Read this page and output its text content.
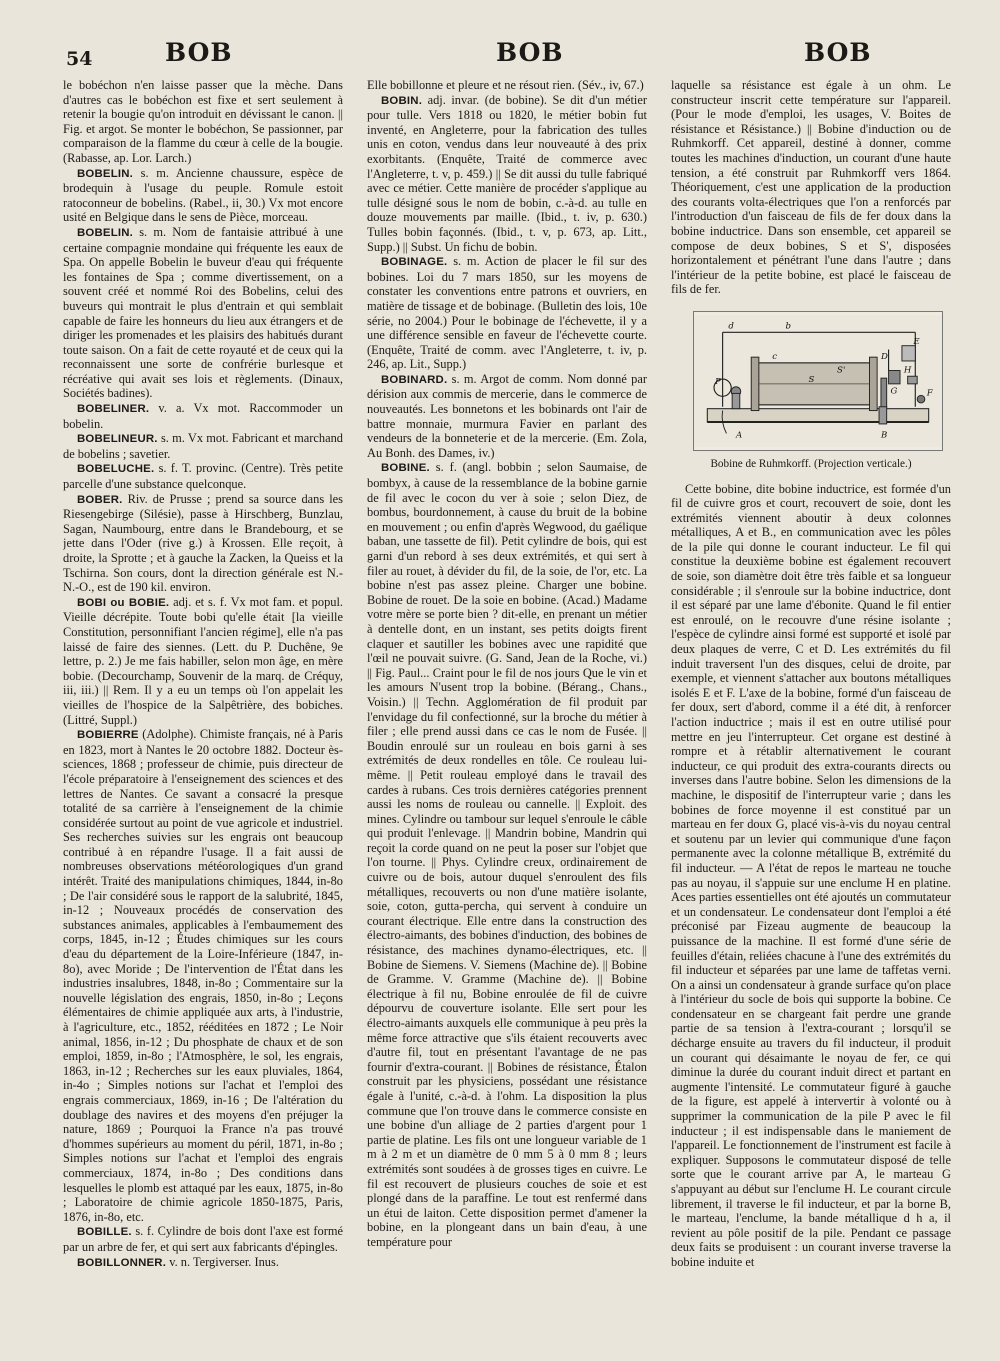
54	BOB	BOB	BOB

le bobéchon n'en laisse passer que la mèche. Dans d'autres cas le bobéchon est fixe et sert seulement à retenir la bougie qu'on introduit en dévissant le canon. || Fig. et argot. Se monter le bobéchon, Se passionner, par comparaison de la flamme du cœur à celle de la bougie. (Rabasse, ap. Lor. Larch.)

BOBELIN. s. m. Ancienne chaussure, espèce de brodequin à l'usage du peuple. Romule estoit ratoconneur de bobelins. (Rabel., ii, 30.) Vx mot encore usité en Belgique dans le sens de Pièce, morceau.

BOBELIN. s. m. Nom de fantaisie attribué à une certaine compagnie mondaine qui fréquente les eaux de Spa. On appelle Bobelin le buveur d'eau qui fréquente les fontaines de Spa ; comme divertissement, on a souvent créé et nommé Roi des Bobelins, celui des buveurs qui montrait le plus d'entrain et qui semblait capable de faire les honneurs du lieu aux étrangers et de diriger les promenades et les plaisirs des habitués durant toute saison. On a fait de cette royauté et de ceux qui la reconnaissent une sorte de confrérie burlesque et récréative qui avait ses lois et règlements. (Dinaux, Sociétés badines).

BOBELINER. v. a. Vx mot. Raccommoder un bobelin.

BOBELINEUR. s. m. Vx mot. Fabricant et marchand de bobelins ; savetier.

BOBELUCHE. s. f. T. provinc. (Centre). Très petite parcelle d'une substance quelconque.

BOBER. Riv. de Prusse ; prend sa source dans les Riesengebirge (Silésie), passe à Hirschberg, Bunzlau, Sagan, Naumbourg, entre dans le Brandebourg, et se jette dans l'Oder (rive g.) à Krossen. Elle reçoit, à droite, la Sprotte ; et à gauche la Zacken, la Queiss et la Tschirna. Son cours, dont la direction générale est N.-N.-O., est de 190 kil. environ.

BOBI ou BOBIE. adj. et s. f. Vx mot fam. et popul. Vieille décrépite. Toute bobi qu'elle était [la vieille Constitution, personnifiant l'ancien régime], elle n'a pas laissé de faire des siennes. (Lett. du P. Duchêne, 9e lettre, p. 2.) Je me fais habiller, selon mon âge, en mère bobie. (Decourchamp, Souvenir de la marq. de Créquy, iii, iii.) || Rem. Il y a eu un temps où l'on appelait les vieilles de l'hospice de la Salpêtrière, des bobiches. (Littré, Suppl.)

BOBIERRE (Adolphe). Chimiste français, né à Paris en 1823, mort à Nantes le 20 octobre 1882. Docteur ès-sciences, 1868 ; professeur de chimie, puis directeur de l'école préparatoire à l'enseignement des sciences et des lettres de Nantes. Ce savant a consacré la presque totalité de sa carrière à l'enseignement de la chimie considérée surtout au point de vue agricole et industriel. Ses recherches suivies sur les engrais ont beaucoup contribué à en répandre l'usage. Il a fait aussi de nombreuses observations météorologiques d'un grand intérêt. Traité des manipulations chimiques, 1844, in-8o ; De l'air considéré sous le rapport de la salubrité, 1845, in-12 ; Nouveaux procédés de conservation des substances animales, applicables à l'embaumement des corps, 1845, in-12 ; Études chimiques sur les cours d'eau du département de la Loire-Inférieure (1847, in-8o), avec Moride ; De l'intervention de l'État dans les industries insalubres, 1848, in-8o ; Commentaire sur la nouvelle législation des engrais, 1850, in-8o ; Leçons élémentaires de chimie appliquée aux arts, à l'industrie, à l'agriculture, etc., 1852, rééditées en 1872 ; Le Noir animal, 1856, in-12 ; Du phosphate de chaux et de son emploi, 1859, in-8o ; l'Atmosphère, le sol, les engrais, 1863, in-12 ; Recherches sur les eaux pluviales, 1864, in-4o ; Simples notions sur l'achat et l'emploi des engrais commerciaux, 1869, in-16 ; De l'altération du doublage des navires et des moyens d'en préjuger la nature, 1869 ; Pourquoi la France n'a pas trouvé d'hommes supérieurs au moment du péril, 1871, in-8o ; Simples notions sur l'achat et l'emploi des engrais commerciaux, 1874, in-8o ; Des conditions dans lesquelles le plomb est attaqué par les eaux, 1875, in-8o ; Laboratoire de chimie agricole 1850-1875, Paris, 1876, in-8o, etc.

BOBILLE. s. f. Cylindre de bois dont l'axe est formé par un arbre de fer, et qui sert aux fabricants d'épingles.

BOBILLONNER. v. n. Tergiverser. Inus.

Elle bobillonne et pleure et ne résout rien. (Sév., iv, 67.)

BOBIN. adj. invar. (de bobine). Se dit d'un métier pour tulle. Vers 1818 ou 1820, le métier bobin fut inventé, en Angleterre, pour la fabrication des tulles unis en coton, vendus dans leur nouveauté à des prix exorbitants. (Enquête, Traité de commerce avec l'Angleterre, t. v, p. 459.) || Se dit aussi du tulle fabriqué avec ce métier. Cette manière de procéder s'applique au tulle désigné sous le nom de bobin, c.-à-d. au tulle en douze mouvements par maille. (Ibid., t. iv, p. 630.) Tulles bobin façonnés. (Ibid., t. v, p. 673, ap. Litt., Supp.) || Subst. Un fichu de bobin.

BOBINAGE. s. m. Action de placer le fil sur des bobines. Loi du 7 mars 1850, sur les moyens de constater les conventions entre patrons et ouvriers, en matière de tissage et de bobinage. (Bulletin des lois, 10e série, no 2004.) Pour le bobinage de l'échevette, il y a une différence sensible en faveur de l'échevette courte. (Enquête, Traité de comm. avec l'Angleterre, t. iv, p. 246, ap. Lit., Supp.)

BOBINARD. s. m. Argot de comm. Nom donné par dérision aux commis de mercerie, dans le commerce de nouveautés. Les bonnetons et les bobinards ont l'air de battre monnaie, murmura Favier en parlant des vendeurs de la bonneterie et de la mercerie. (Em. Zola, Au Bonh. des Dames, iv.)

BOBINE. s. f. (angl. bobbin ; selon Saumaise, de bombyx, à cause de la ressemblance de la bobine garnie de fil avec le cocon du ver à soie ; selon Diez, de bombus, bourdonnement, à cause du bruit de la bobine en mouvement ; ou enfin d'après Wegwood, du gaélique baban, une tassette de fil). Petit cylindre de bois, qui est garni d'un rebord à ses deux extrémités, et qui sert à filer au rouet, à dévider du fil, de la soie, de l'or, etc. La bobine n'est pas assez pleine. Charger une bobine. Bobine de rouet. De la soie en bobine. (Acad.) Madame votre mère se porte bien ? dit-elle, en prenant un métier à dentelle dont, en un instant, ses petits doigts firent claquer et sautiller les bobines avec une rapidité que l'œil ne pouvait suivre. (G. Sand, Jean de la Roche, vi.) || Fig. Paul... Craint pour le fil de nos jours Que le vin et les amours N'usent trop la bobine. (Bérang., Chans., Voisin.) || Techn. Agglomération de fil produit par l'envidage du fil confectionné, sur la broche du métier à filer ; elle prend aussi dans ce cas le nom de Fusée. || Boudin enroulé sur un rouleau en bois garni à ses extrémités de deux rondelles en tôle. Ce rouleau lui-même. || Petit rouleau employé dans le travail des cardes à rubans. Ces trois dernières catégories prennent aussi les noms de rouleau ou cannelle. || Exploit. des mines. Cylindre ou tambour sur lequel s'enroule le câble qui produit l'enlevage. || Mandrin bobine, Mandrin qui reçoit la corde quand on ne peut la poser sur l'objet que l'on tourne. || Phys. Cylindre creux, ordinairement de cuivre ou de bois, autour duquel s'enroulent des fils métalliques, recouverts ou non d'une matière isolante, soie, coton, gutta-percha, qui servent à conduire un courant électrique. Elle entre dans la construction des électro-aimants, des bobines d'induction, des bobines de résistance, des machines dynamo-électriques, etc. || Bobine de Siemens. V. Siemens (Machine de). || Bobine de Gramme. V. Gramme (Machine de). || Bobine électrique à fil nu, Bobine enroulée de fil de cuivre dépourvu de couverture isolante. Elle sert pour les électro-aimants auxquels elle communique à peu près la même force attractive que s'ils étaient recouverts avec d'autre fil, tout en présentant l'avantage de ne pas fournir d'extra-courant. || Bobines de résistance, Étalon construit par les physiciens, possédant une résistance égale à l'unité, c.-à-d. à l'ohm. La disposition la plus commune que l'on trouve dans le commerce consiste en une bobine d'un alliage de 2 parties d'argent pour 1 partie de platine. Les fils ont une longueur variable de 1 m à 2 m et un diamètre de 0 mm 5 à 0 mm 8 ; leurs extrémités sont soudées à de grosses tiges en cuivre. Le fil est recouvert de plusieurs couches de soie et est plongé dans de la paraffine. Le tout est renfermé dans un étui de laiton. Cette disposition permet d'amener la bobine, en la plongeant dans un bain d'eau, à une température pour

laquelle sa résistance est égale à un ohm. Le constructeur inscrit cette température sur l'appareil. (Pour le mode d'emploi, les usages, V. Boites de résistance et Résistance.) || Bobine d'induction ou de Ruhmkorff. Cet appareil, destiné à donner, comme toutes les machines d'induction, un courant d'une haute tension, a été construit par Ruhmkorff vers 1864. Théoriquement, c'est une application de la production des courants volta-électriques que l'on a renforcés par l'introduction d'un faisceau de fils de fer doux dans la bobine inductrice. Dans son ensemble, cet appareil se compose de deux bobines, S et S', disposées horizontalement et pénétrant l'une dans l'autre ; dans l'intérieur de la petite bobine, est placé le faisceau de fils de fer.

d	b
c
S
S'
D
E
G
H
P
F
A	B
Bobine de Ruhmkorff. (Projection verticale.)

Cette bobine, dite bobine inductrice, est formée d'un fil de cuivre gros et court, recouvert de soie, dont les extrémités viennent aboutir à deux colonnes métalliques, A et B., en communication avec les pôles de la pile qui donne le courant inducteur. Le fil qui constitue la deuxième bobine est également recouvert de soie, son diamètre doit être très faible et sa longueur considérable ; il s'enroule sur la bobine inductrice, dont il est séparé par une lame d'ébonite. Quand le fil entier est enroulé, on le recouvre d'une résine isolante ; l'espèce de cylindre ainsi formé est supporté et isolé par deux plaques de verre, C et D. Les extrémités du fil induit traversent l'un des disques, celui de droite, par exemple, et viennent s'attacher aux boutons métalliques isolés E et F. L'axe de la bobine, formé d'un faisceau de fer doux, sert d'abord, comme il a été dit, à renforcer l'action inductrice ; mais il est en outre utilisé pour mettre en jeu l'interrupteur. Cet organe est destiné à rompre et à rétablir alternativement le courant inducteur, ce qui produit des extra-courants directs ou inverses dans l'autre bobine. Selon les dimensions de la machine, le dispositif de l'interrupteur varie ; dans les bobines de force moyenne il est constitué par un marteau en fer doux G, placé vis-à-vis du noyau central et soutenu par un levier qui communique d'une façon permanente avec la colonne métallique B, extrémité du fil inducteur. — A l'état de repos le marteau ne touche pas au noyau, il s'appuie sur une enclume H en platine. Aces parties essentielles ont été ajoutés un commutateur et un condensateur. Le condensateur dont l'emploi a été préconisé par Fizeau augmente de beaucoup la puissance de la machine. Il est formé d'une série de feuilles d'étain, reliées chacune à l'une des extrémités du fil inducteur et séparées par une lame de taffetas verni. On a ainsi un condensateur à grande surface qu'on place à l'intérieur du socle de bois qui supporte la bobine. Ce condensateur en se chargeant fait perdre une grande partie de sa tension à l'extra-courant ; lorsqu'il se décharge ensuite au travers du fil inducteur, il produit un courant qui désaimante le noyau de fer, ce qui diminue la durée du courant induit direct et partant en augmente l'intensité. Le commutateur figuré à gauche de la figure, est appelé à intervertir à volonté ou à supprimer la communication de la pile P avec le fil inducteur ; il est indispensable dans le maniement de l'appareil. Le fonctionnement de l'instrument est facile à expliquer. Supposons le commutateur disposé de telle sorte que le courant arrive par A, le marteau G s'appuyant au début sur l'enclume H. Le courant circule librement, il traverse le fil inducteur, et par la borne B, le marteau, l'enclume, la bande métallique d h a, il revient au pôle positif de la pile. Pendant ce passage deux faits se produisent : un courant inverse traverse la bobine induite et
